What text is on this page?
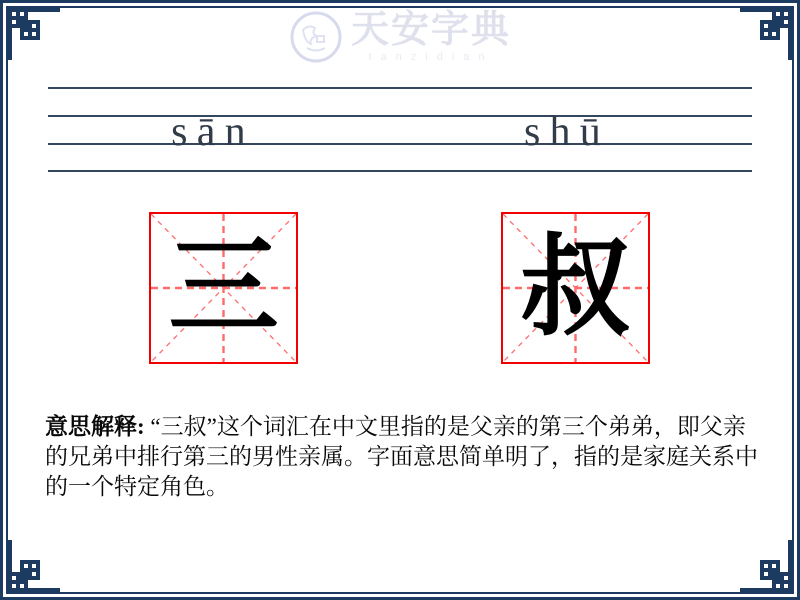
天安字典
tanzidian
sān	shū
三 叔
意思解释: “三叔”这个词汇在中文里指的是父亲的第三个弟弟，即父亲的兄弟中排行第三的男性亲属。字面意思简单明了，指的是家庭关系中的一个特定角色。
